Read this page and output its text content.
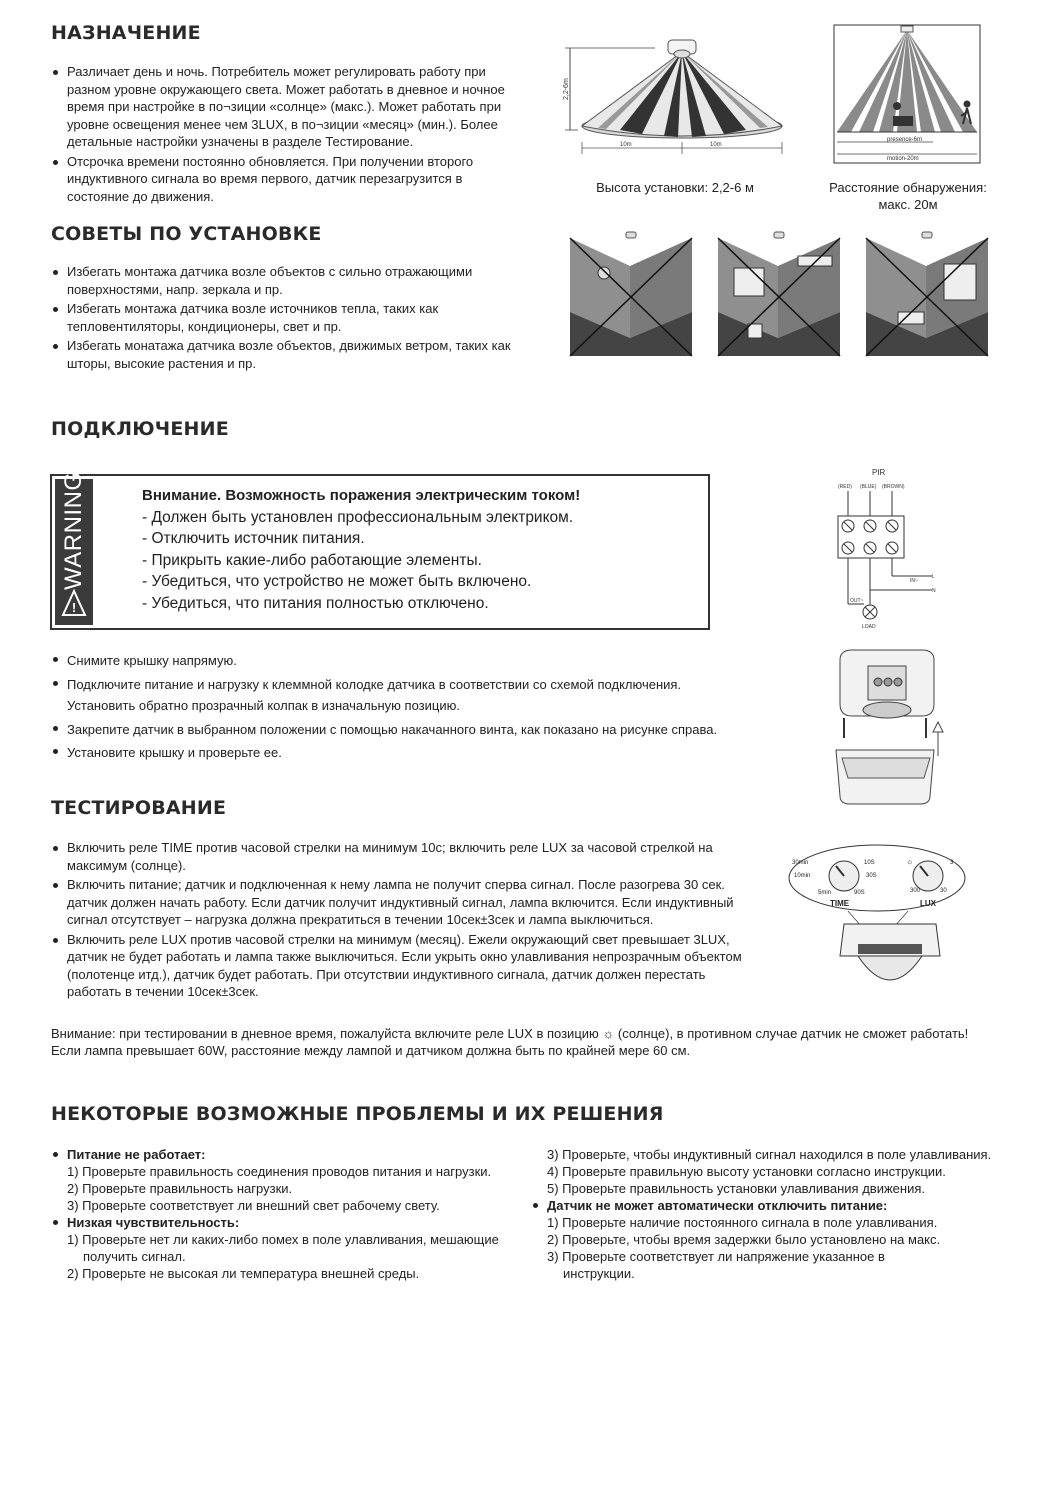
НАЗНАЧЕНИЕ
Различает день и ночь. Потребитель может регулировать работу при разном уровне окружающего света. Может работать в дневное и ночное время при настройке в по¬зиции «солнце» (макс.). Может работать при уровне освещения менее чем 3LUX, в по¬зиции «месяц» (мин.). Более детальные настройки узначены в разделе Тестирование.
Отсрочка времени постоянно обновляется. При получении второго индуктивного сигнала во время первого, датчик перезагрузится в состояние до движения.
2,2-6m
10m	10m
Высота установки: 2,2-6 м
presence-6m
motion-20m
Расстояние обнаружения:
макс. 20м
СОВЕТЫ ПО УСТАНОВКЕ
Избегать монтажа датчика возле объектов с сильно отражающими поверхностями, напр. зеркала и пр.
Избегать монтажа датчика возле источников тепла, таких как тепловентиляторы, кондиционеры, свет и пр.
Избегать монатажа датчика возле объектов, движимых ветром, таких как шторы, высокие растения и пр.
ПОДКЛЮЧЕНИЕ
!
WARNING	Внимание. Возможность поражения электрическим током!
- Должен быть установлен профессиональным электриком.
- Отключить источник питания.
- Прикрыть какие-либо работающие элементы.
- Убедиться, что устройство не может быть включено.
- Убедиться, что питания полностью отключено.
PIR
(RED) (BLUE) (BROWN)
IN~
L
N
OUT~
LOAD
Снимите крышку напрямую.
Подключите питание и нагрузку к клеммной колодке датчика в соответствии со схемой подключения.
Установить обратно прозрачный колпак в изначальную позицию.
Закрепите датчик в выбранном положении с помощью накачанного винта, как показано на рисунке справа.
Установите крышку и проверьте ее.
ТЕСТИРОВАНИЕ
Включить реле TIME против часовой стрелки на минимум 10с; включить реле LUX за часовой стрелкой на максимум (солнце).
Включить питание; датчик и подключенная к нему лампа не получит сперва сигнал. После разогрева 30 сек. датчик должен начать работу. Если датчик получит индуктивный сигнал, лампа включится. Если индуктивный сигнал отсутствует – нагрузка должна прекратиться в течении 10сек±3сек и лампа выключиться.
Включить реле LUX против часовой стрелки на минимум (месяц). Ежели окружающий свет превышает 3LUX, датчик не будет работать и лампа также выключиться. Если укрыть окно улавливания непрозрачным объектом (полотенце итд.), датчик будет работать. При отсутствии индуктивного сигнала, датчик должен перестать работать в течении 10сек±3сек.
30min
10min
5min
10S
30S
90S
TIME
☼	3
300	30
LUX
Внимание: при тестировании в дневное время, пожалуйста включите реле LUX в позицию ☼ (солнце), в противном случае датчик не сможет работать!
Если лампа превышает 60W, расстояние между лампой и датчиком должна быть по крайней мере 60 см.
НЕКОТОРЫЕ ВОЗМОЖНЫЕ ПРОБЛЕМЫ И ИХ РЕШЕНИЯ
Питание не работает:
1) Проверьте правильность соединения проводов питания и нагрузки.
2) Проверьте правильность нагрузки.
3) Проверьте соответствует ли внешний свет рабочему свету.
Низкая чувствительность:
1) Проверьте нет ли каких-либо помех в поле улавливания, мешающие
получить сигнал.
2) Проверьте не высокая ли температура внешней среды.
3) Проверьте, чтобы индуктивный сигнал находился в поле улавливания.
4) Проверьте правильную высоту установки согласно инструкции.
5) Проверьте правильность установки улавливания движения.
Датчик не может автоматически отключить питание:
1) Проверьте наличие постоянного сигнала в поле улавливания.
2) Проверьте, чтобы время задержки было установлено на макс.
3) Проверьте соответствует ли напряжение указанное в
инструкции.
